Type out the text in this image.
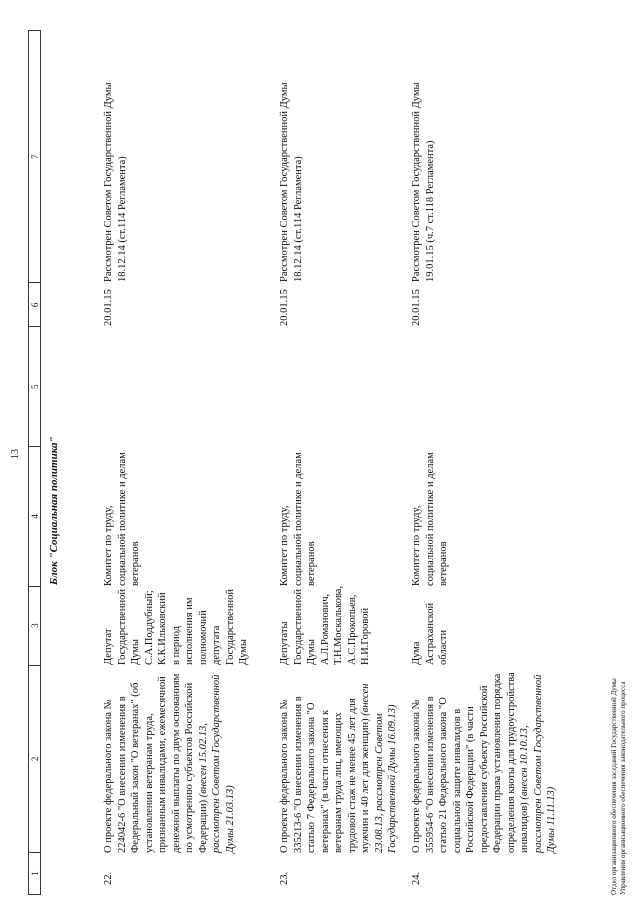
13
1
2
3
4
5
6
7
Блок "Социальная политика"
22.
О проекте федерального закона № 224042-6 "О внесении изменения в Федеральный закон "О ветеранах" (об установлении ветеранам труда, признанным инвалидами, ежемесячной денежной выплаты по двум основаниям по усмотрению субъектов Российской Федерации) (внесен 15.02.13, рассмотрен Советом Государственной Думы 21.03.13)
Депутат Государственной Думы С.А.Поддубный; К.К.Ильковский в период исполнения им полномочий депутата Государственной Думы
Комитет по труду, социальной политике и делам ветеранов
20.01.15
Рассмотрен Советом Государственной Думы 18.12.14 (ст.114 Регламента)
23.
О проекте федерального закона № 335213-6 "О внесении изменения в статью 7 Федерального закона "О ветеранах" (в части отнесения к ветеранам труда лиц, имеющих трудовой стаж не менее 45 лет для мужчин и 40 лет для женщин) (внесен 23.08.13, рассмотрен Советом Государственной Думы 16.09.13)
Депутаты Государственной Думы А.Л.Романович, Т.Н.Москалькова, А.С.Прокопьев, Н.И.Горовой
Комитет по труду, социальной политике и делам ветеранов
20.01.15
Рассмотрен Советом Государственной Думы 18.12.14 (ст.114 Регламента)
24.
О проекте федерального закона № 355954-6 "О внесении изменения в статью 21 Федерального закона "О социальной защите инвалидов в Российской Федерации" (в части предоставления субъекту Российской Федерации права установления порядка определения квоты для трудоустройства инвалидов) (внесен 10.10.13, рассмотрен Советом Государственной Думы 11.11.13)
Дума Астраханской области
Комитет по труду, социальной политике и делам ветеранов
20.01.15
Рассмотрен Советом Государственной Думы 19.01.15 (ч.7 ст.118 Регламента)
Отдел организационного обеспечения заседаний Государственной Думы Управления организационного обеспечения законодательного процесса
